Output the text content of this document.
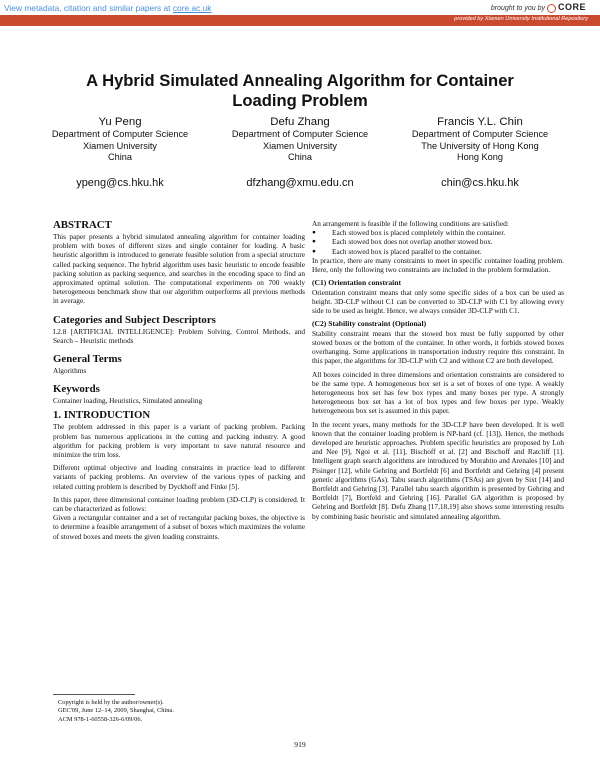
View metadata, citation and similar papers at core.ac.uk	brought to you by CORE
provided by Xiamen University Institutional Repository
A Hybrid Simulated Annealing Algorithm for Container
Loading Problem
Yu Peng
Department of Computer Science
Xiamen University
China
ypeng@cs.hku.hk
Defu Zhang
Department of Computer Science
Xiamen University
China
dfzhang@xmu.edu.cn
Francis Y.L. Chin
Department of Computer Science
The University of Hong Kong
Hong Kong
chin@cs.hku.hk
ABSTRACT

This paper presents a hybrid simulated annealing algorithm for container loading problem with boxes of different sizes and single container for loading. A basic heuristic algorithm is introduced to generate feasible solution from a special structure called packing sequence. The hybrid algorithm uses basic heuristic to encode feasible packing solution as packing sequence, and searches in the encoding space to find an approximated optimal solution. The computational experiments on 700 weakly heterogeneous benchmark show that our algorithm outperforms all previous methods in average.

Categories and Subject Descriptors

I.2.8 [ARTIFICIAL INTELLIGENCE]: Problem Solving, Control Methods, and Search – Heuristic methods

General Terms

Algorithms

Keywords

Container loading, Heuristics, Simulated annealing

1. INTRODUCTION

The problem addressed in this paper is a variant of packing problem. Packing problem has numerous applications in the cutting and packing industry. A good algorithm for packing problem is very important to save natural resource and minimize the trim loss.

Different optimal objective and loading constraints in practice lead to different variants of packing problems. An overview of the various types of packing and related cutting problem is described by Dyckhoff and Finke [5].

In this paper, three dimensional container loading problem (3D-CLP) is considered. It can be characterized as follows:

Given a rectangular container and a set of rectangular packing boxes, the objective is to determine a feasible arrangement of a subset of boxes which maximizes the volume of stowed boxes and meets the given loading constraints.

Copyright is held by the author/owner(s).
GEC'09, June 12–14, 2009, Shanghai, China.
ACM 978-1-60558-326-6/09/06.

An arrangement is feasible if the following conditions are satisfied:

● Each stowed box is placed completely within the container.
● Each stowed box does not overlap another stowed box.
● Each stowed box is placed parallel to the container.

In practice, there are many constraints to meet in specific container loading problem. Here, only the following two constraints are included in the problem formulation.

(C1) Orientation constraint

Orientation constraint means that only some specific sides of a box can be used as height. 3D-CLP without C1 can be converted to 3D-CLP with C1 by allowing every side to be used as height. Hence, we always consider 3D-CLP with C1.

(C2) Stability constraint (Optional)

Stability constraint means that the stowed box must be fully supported by other stowed boxes or the bottom of the container. In other words, it forbids stowed boxes overhanging. Some applications in transportation industry require this constraint. In this paper, the algorithms for 3D-CLP with C2 and without C2 are both developed.

All boxes coincided in three dimensions and orientation constraints are considered to be the same type. A homogeneous box set is a set of boxes of one type. A weakly heterogeneous box set has few box types and many boxes per type. A strongly heterogeneous box set has a lot of box types and few boxes per type. Weakly heterogeneous box set is assumed in this paper.

In the recent years, many methods for the 3D-CLP have been developed. It is well known that the container loading problem is NP-hard (cf. [13]). Hence, the methods developed are heuristic approaches. Problem specific heuristics are proposed by Loh and Nee [9], Ngoi et al. [11], Bischoff et al. [2] and Bischoff and Ratcliff [1]. Intelligent graph search algorithms are introduced by Morabito and Arenales [10] and Pisinger [12], while Gehring and Bortfeldt [6] and Bortfeldt and Gehring [4] present genetic algorithms (GAs). Tabu search algorithms (TSAs) are given by Sixt [14] and Bortfeldt and Gehring [3]. Parallel tabu search algorithm is presented by Gehring and Bortfeldt [7], Bortfeld and Gehring [16]. Parallel GA algorithm is proposed by Gehring and Bortfeldt [8]. Defu Zhang [17,18,19] also shows some interesting results by combining basic heuristic and simulated annealing algorithm.

919
